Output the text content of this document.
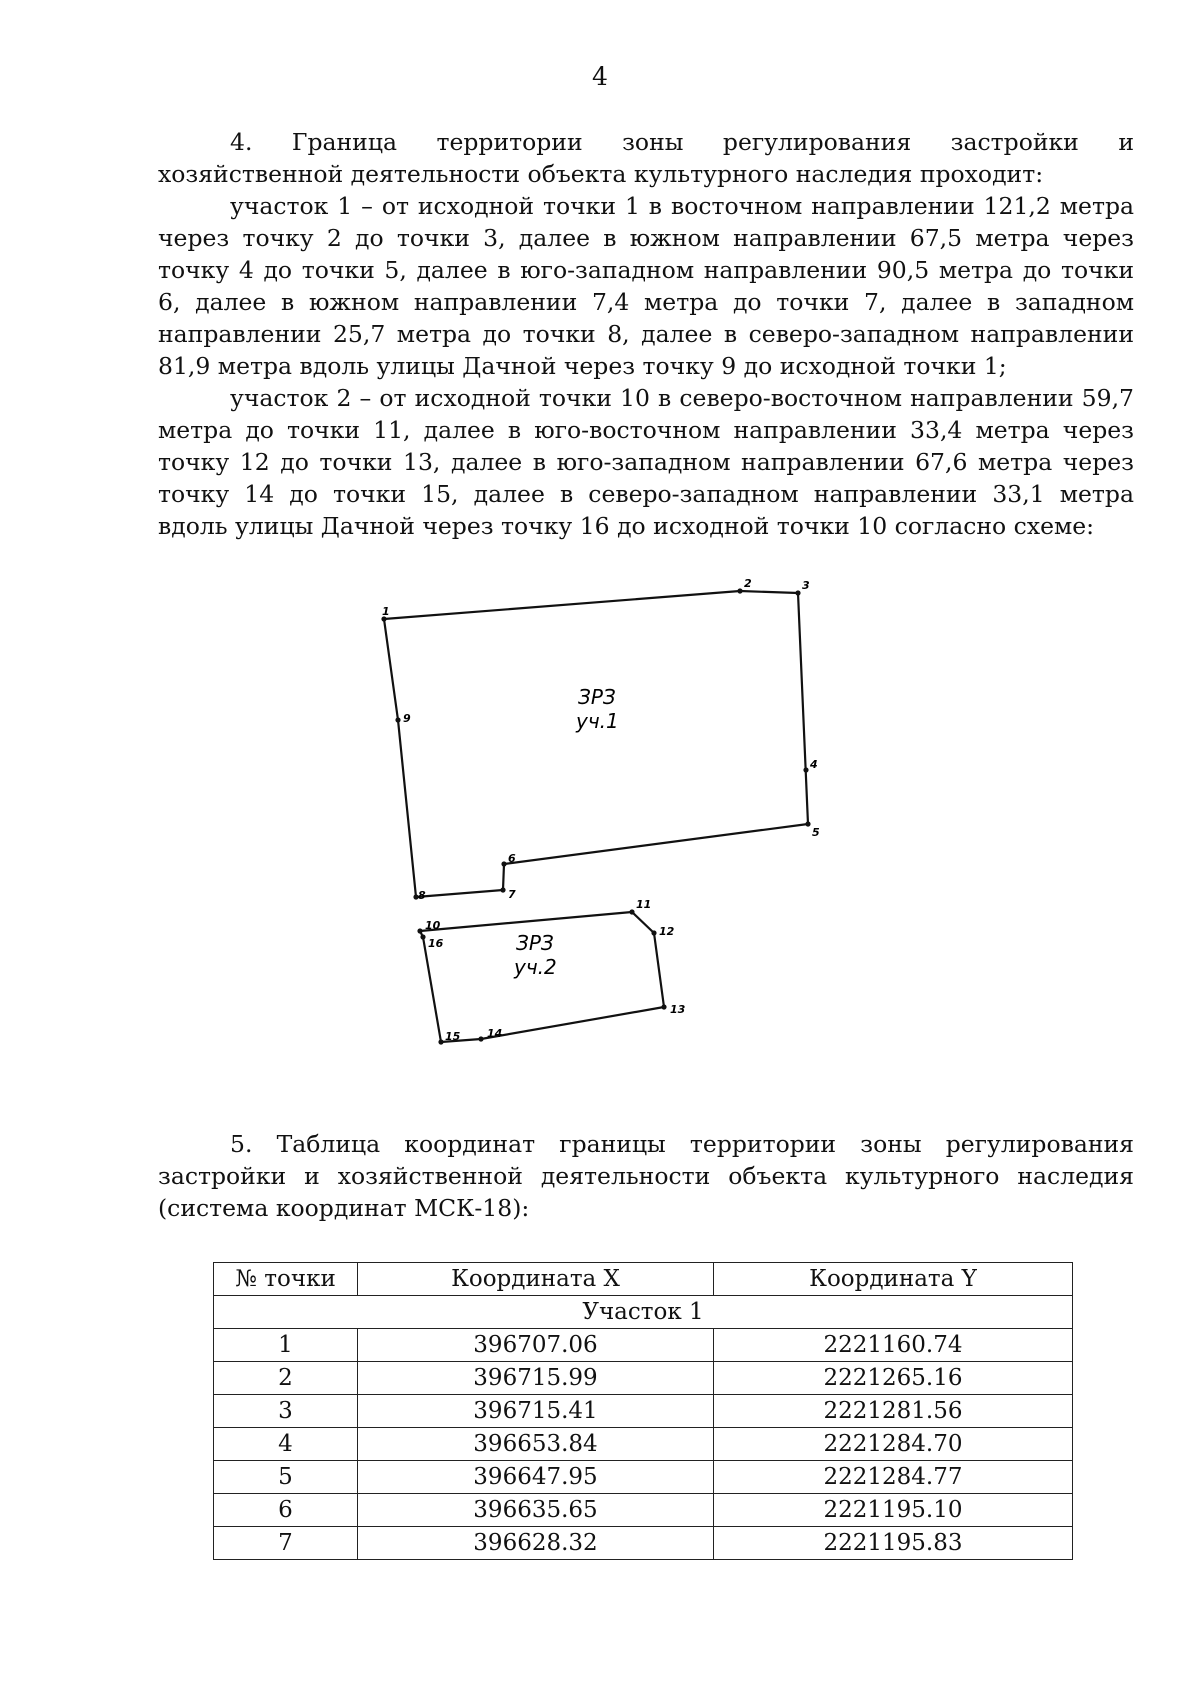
4

4. Граница территории зоны регулирования застройки и хозяйственной деятельности объекта культурного наследия проходит:

участок 1 – от исходной точки 1 в восточном направлении 121,2 метра через точку 2 до точки 3, далее в южном направлении 67,5 метра через точку 4 до точки 5, далее в юго-западном направлении 90,5 метра до точки 6, далее в южном направлении 7,4 метра до точки 7, далее в западном направлении 25,7 метра до точки 8, далее в северо-западном направлении 81,9 метра вдоль улицы Дачной через точку 9 до исходной точки 1;

участок 2 – от исходной точки 10 в северо-восточном направлении 59,7 метра до точки 11, далее в юго-восточном направлении 33,4 метра через точку 12 до точки 13, далее в юго-западном направлении 67,6 метра через точку 14 до точки 15, далее в северо-западном направлении 33,1 метра вдоль улицы Дачной через точку 16 до исходной точки 10 согласно схеме:

1
2	3
4
5
6
7
8
9
10
11
12
13
14
15
16
ЗРЗ
уч.1
ЗРЗ
уч.2

5. Таблица координат границы территории зоны регулирования застройки и хозяйственной деятельности объекта культурного наследия (система координат МСК-18):

№ точки	Координата X	Координата Y
Участок 1		
1	396707.06	2221160.74
2	396715.99	2221265.16
3	396715.41	2221281.56
4	396653.84	2221284.70
5	396647.95	2221284.77
6	396635.65	2221195.10
7	396628.32	2221195.83
